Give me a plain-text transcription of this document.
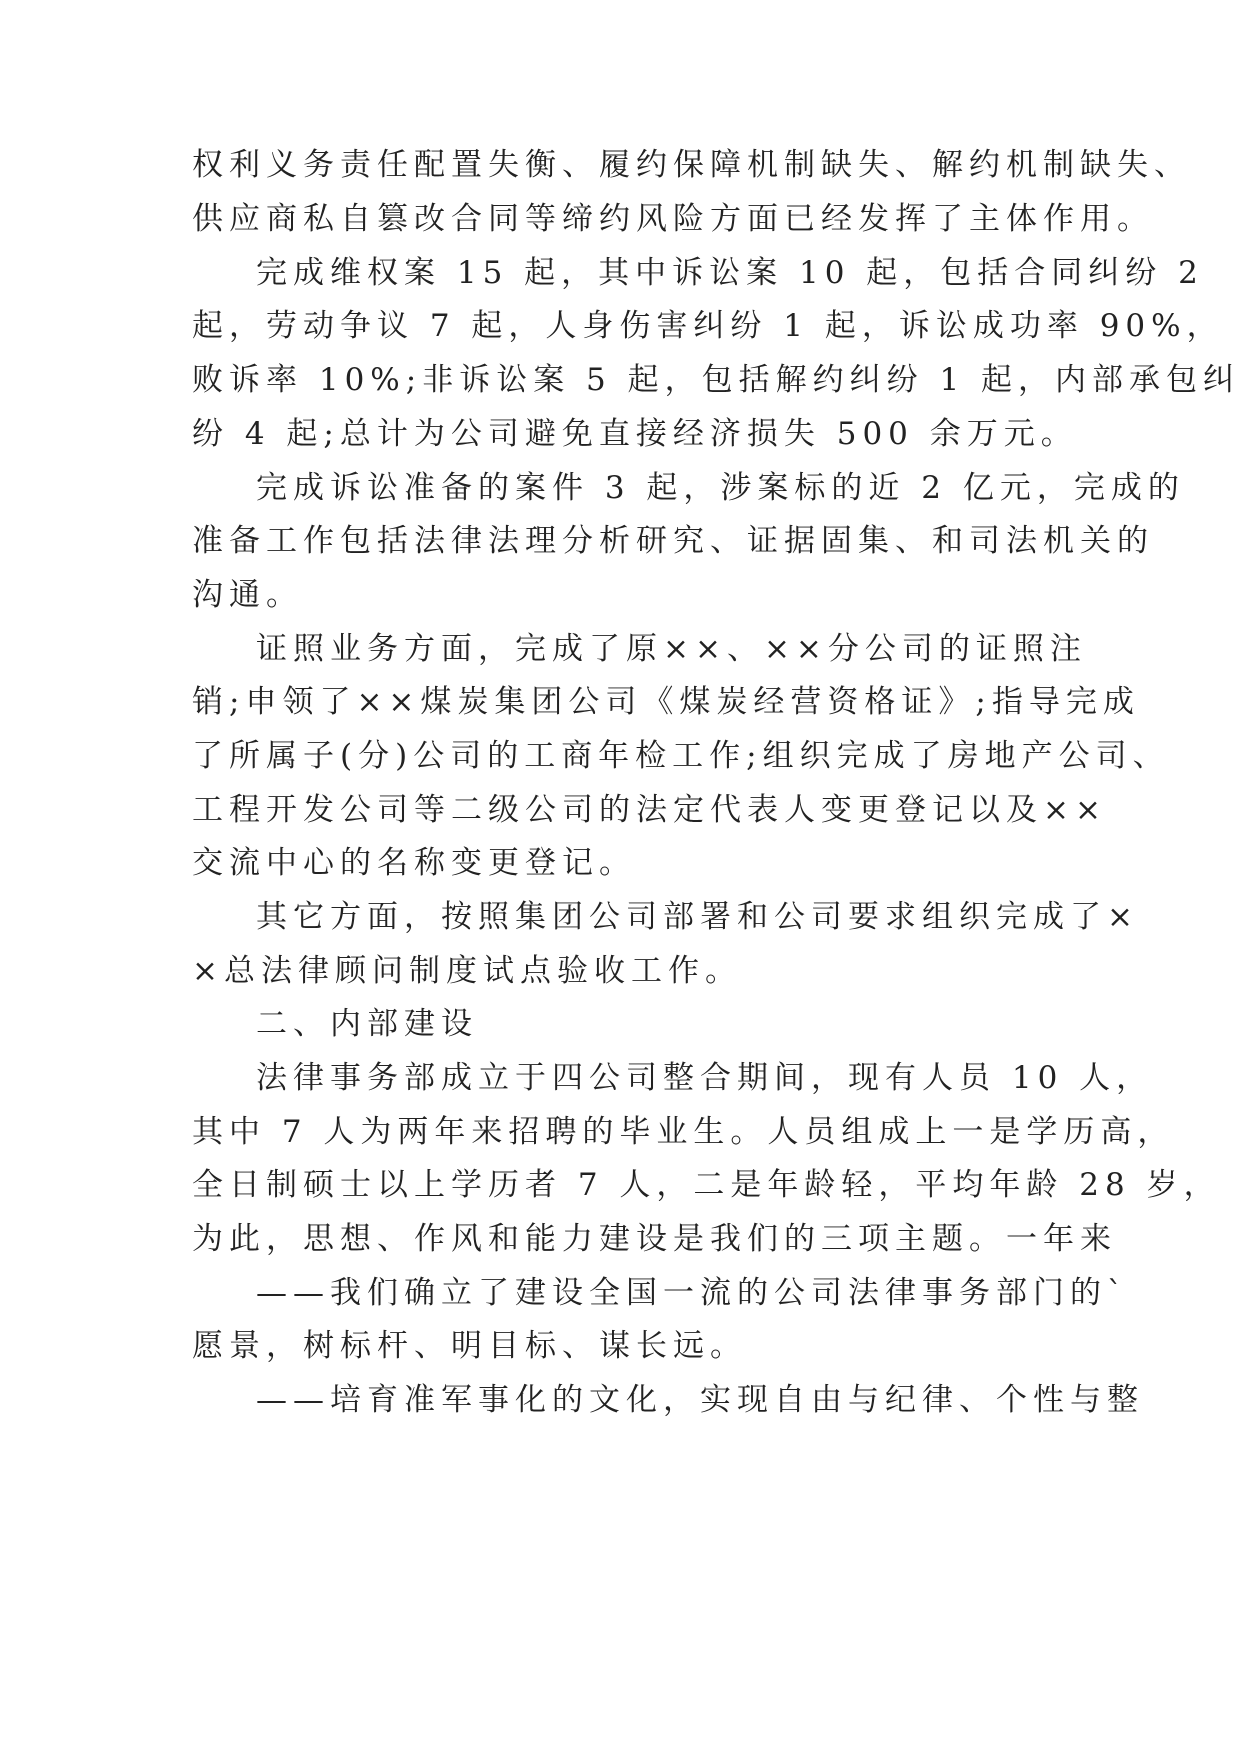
权利义务责任配置失衡、履约保障机制缺失、解约机制缺失、

供应商私自篡改合同等缔约风险方面已经发挥了主体作用。

完成维权案 15 起，其中诉讼案 10 起，包括合同纠纷 2

起，劳动争议 7 起，人身伤害纠纷 1 起，诉讼成功率 90%，

败诉率 10%;非诉讼案 5 起，包括解约纠纷 1 起，内部承包纠

纷 4 起;总计为公司避免直接经济损失 500 余万元。

完成诉讼准备的案件 3 起，涉案标的近 2 亿元，完成的

准备工作包括法律法理分析研究、证据固集、和司法机关的

沟通。

证照业务方面，完成了原××、××分公司的证照注

销;申领了××煤炭集团公司《煤炭经营资格证》;指导完成

了所属子(分)公司的工商年检工作;组织完成了房地产公司、

工程开发公司等二级公司的法定代表人变更登记以及××

交流中心的名称变更登记。

其它方面，按照集团公司部署和公司要求组织完成了×

×总法律顾问制度试点验收工作。

二、内部建设

法律事务部成立于四公司整合期间，现有人员 10 人，

其中 7 人为两年来招聘的毕业生。人员组成上一是学历高，

全日制硕士以上学历者 7 人，二是年龄轻，平均年龄 28 岁，

为此，思想、作风和能力建设是我们的三项主题。一年来

——我们确立了建设全国一流的公司法律事务部门的`

愿景，树标杆、明目标、谋长远。

——培育准军事化的文化，实现自由与纪律、个性与整
